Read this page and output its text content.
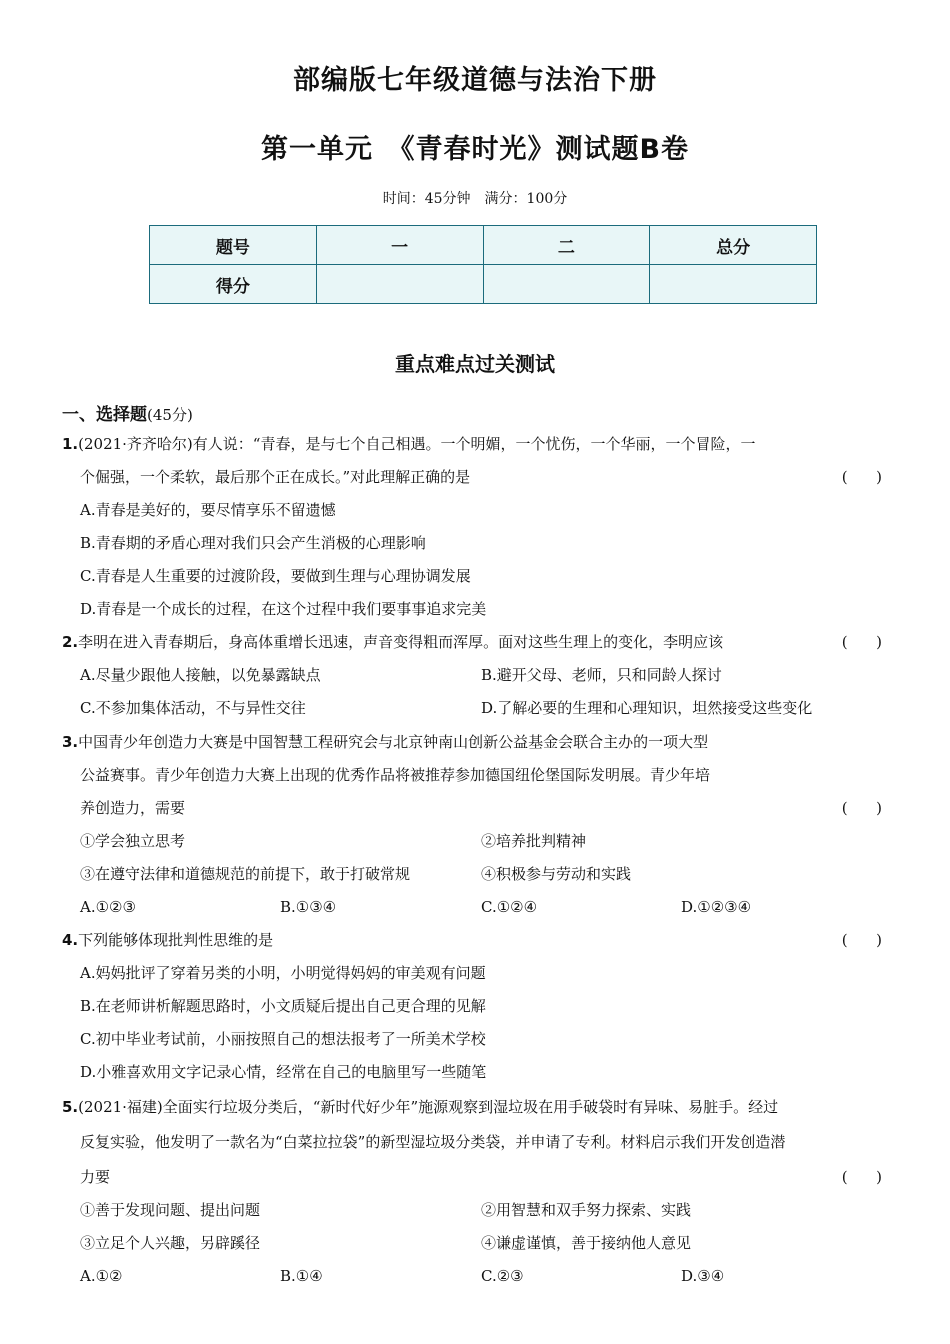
部编版七年级道德与法治下册
第一单元　《青春时光》测试题B卷
时间：45分钟　满分：100分
题号	一	二	总分
得分			
重点难点过关测试
一、选择题(45分)
1.(2021·齐齐哈尔)有人说：“青春，是与七个自己相遇。一个明媚，一个忧伤，一个华丽，一个冒险，一
个倔强，一个柔软，最后那个正在成长。”对此理解正确的是	(      )
A.青春是美好的，要尽情享乐不留遗憾
B.青春期的矛盾心理对我们只会产生消极的心理影响
C.青春是人生重要的过渡阶段，要做到生理与心理协调发展
D.青春是一个成长的过程，在这个过程中我们要事事追求完美
2.李明在进入青春期后，身高体重增长迅速，声音变得粗而浑厚。面对这些生理上的变化，李明应该	(      )
A.尽量少跟他人接触，以免暴露缺点	B.避开父母、老师，只和同龄人探讨
C.不参加集体活动，不与异性交往	D.了解必要的生理和心理知识，坦然接受这些变化
3.中国青少年创造力大赛是中国智慧工程研究会与北京钟南山创新公益基金会联合主办的一项大型
公益赛事。青少年创造力大赛上出现的优秀作品将被推荐参加德国纽伦堡国际发明展。青少年培
养创造力，需要	(      )
①学会独立思考	②培养批判精神
③在遵守法律和道德规范的前提下，敢于打破常规	④积极参与劳动和实践
A.①②③	B.①③④	C.①②④	D.①②③④
4.下列能够体现批判性思维的是	(      )
A.妈妈批评了穿着另类的小明，小明觉得妈妈的审美观有问题
B.在老师讲析解题思路时，小文质疑后提出自己更合理的见解
C.初中毕业考试前，小丽按照自己的想法报考了一所美术学校
D.小雅喜欢用文字记录心情，经常在自己的电脑里写一些随笔
5.(2021·福建)全面实行垃圾分类后，“新时代好少年”施源观察到湿垃圾在用手破袋时有异味、易脏手。经过
反复实验，他发明了一款名为“白菜拉拉袋”的新型湿垃圾分类袋，并申请了专利。材料启示我们开发创造潜
力要	(      )
①善于发现问题、提出问题	②用智慧和双手努力探索、实践
③立足个人兴趣，另辟蹊径	④谦虚谨慎，善于接纳他人意见
A.①②	B.①④	C.②③	D.③④
